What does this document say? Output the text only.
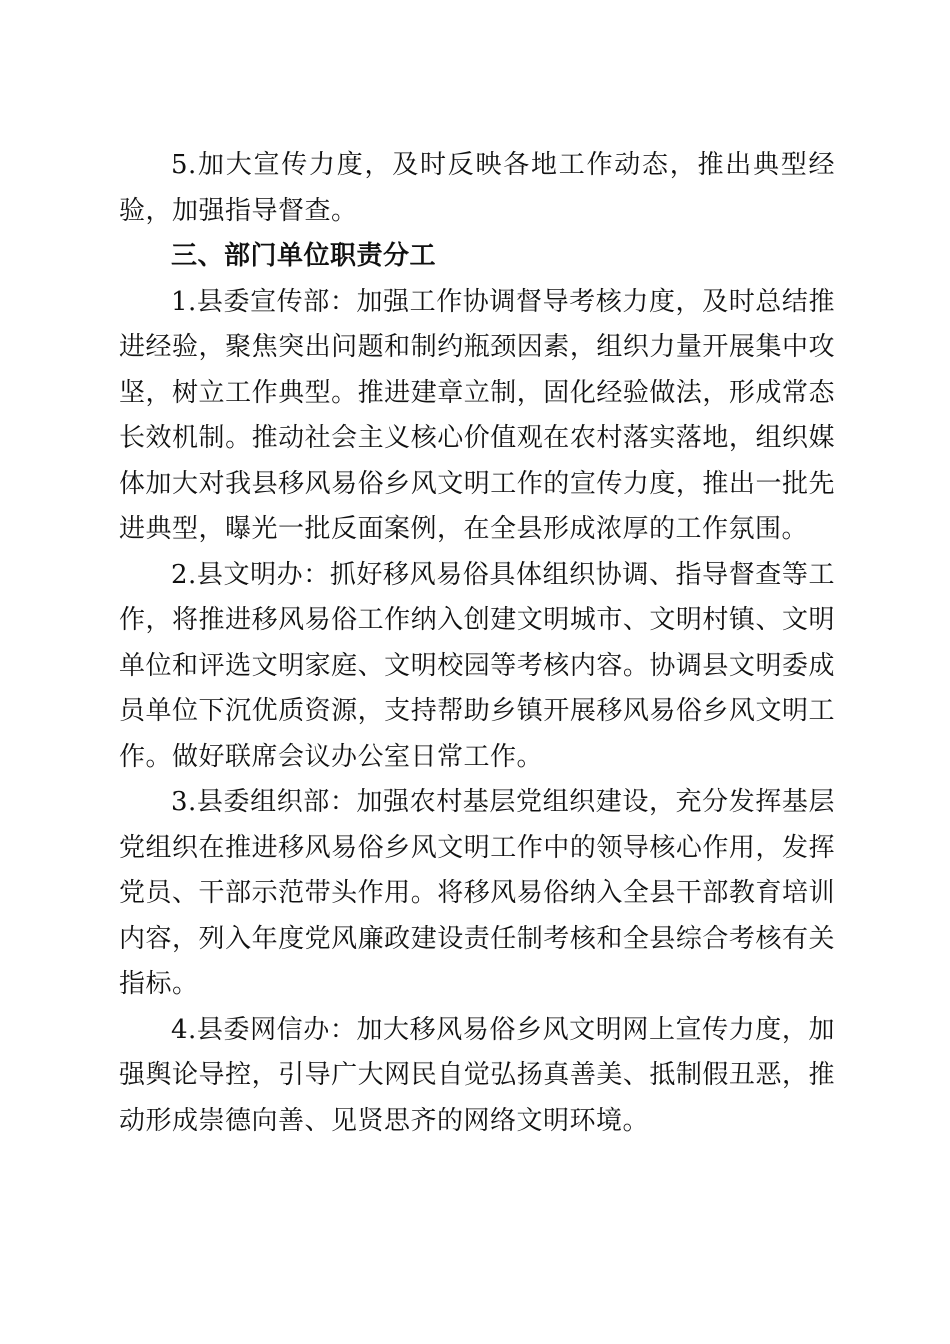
5.加大宣传力度，及时反映各地工作动态，推出典型经验，加强指导督查。

三、部门单位职责分工

1.县委宣传部：加强工作协调督导考核力度，及时总结推进经验，聚焦突出问题和制约瓶颈因素，组织力量开展集中攻坚，树立工作典型。推进建章立制，固化经验做法，形成常态长效机制。推动社会主义核心价值观在农村落实落地，组织媒体加大对我县移风易俗乡风文明工作的宣传力度，推出一批先进典型，曝光一批反面案例，在全县形成浓厚的工作氛围。

2.县文明办：抓好移风易俗具体组织协调、指导督查等工作，将推进移风易俗工作纳入创建文明城市、文明村镇、文明单位和评选文明家庭、文明校园等考核内容。协调县文明委成员单位下沉优质资源，支持帮助乡镇开展移风易俗乡风文明工作。做好联席会议办公室日常工作。

3.县委组织部：加强农村基层党组织建设，充分发挥基层党组织在推进移风易俗乡风文明工作中的领导核心作用，发挥党员、干部示范带头作用。将移风易俗纳入全县干部教育培训内容，列入年度党风廉政建设责任制考核和全县综合考核有关指标。

4.县委网信办：加大移风易俗乡风文明网上宣传力度，加强舆论导控，引导广大网民自觉弘扬真善美、抵制假丑恶，推动形成崇德向善、见贤思齐的网络文明环境。
